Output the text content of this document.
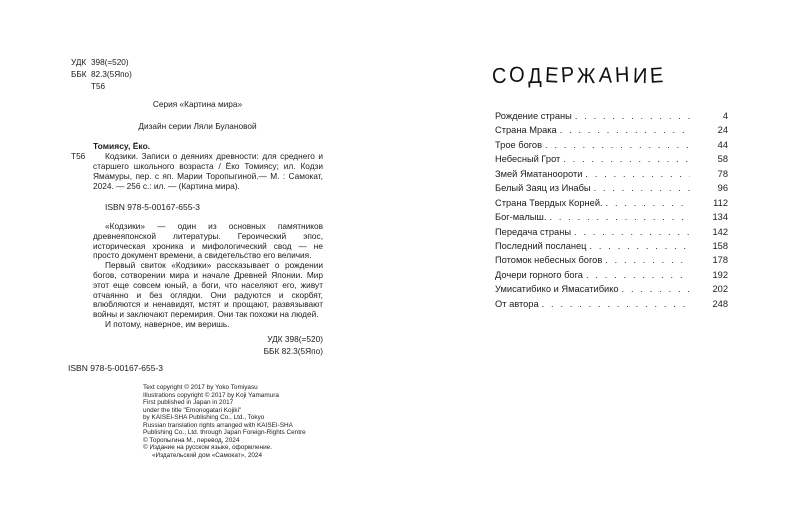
УДК 398(=520)
ББК 82.3(5Япо)
Т56
Серия «Картина мира»
Дизайн серии Ляли Булановой
Томиясу, Ёко.
Т56	Кодзики. Записи о деяниях древности: для среднего и старшего школьного возраста / Ёко Томиясу; ил. Кодзи Ямамуры, пер. с яп. Марии Торопыгиной.— М. : Самокат, 2024. — 256 с.: ил. — (Картина мира).
ISBN 978-5-00167-655-3

«Кодзики» — один из основных памятников древнеяпонской литературы. Героический эпос, историческая хроника и мифологический свод — не просто документ времени, а свидетельство его величия.

Первый свиток «Кодзики» рассказывает о рождении богов, сотворении мира и начале Древней Японии. Мир этот еще совсем юный, а боги, что населяют его, живут отчаянно и без оглядки. Они радуются и скорбят, влюбляются и ненавидят, мстят и прощают, развязывают войны и заключают перемирия. Они так похожи на людей.

И потому, наверное, им веришь.

УДК 398(=520)
ББК 82.3(5Япо)
ISBN 978-5-00167-655-3
Text copyright © 2017 by Yoko Tomiyasu
Illustrations copyright © 2017 by Koji Yamamura
First published in Japan in 2017
under the title "Emonogatari Kojiki"
by KAISEI-SHA Publishing Co., Ltd., Tokyo
Russian translation rights arranged with KAISEI-SHA
Publishing Co., Ltd. through Japan Foreign-Rights Centre
© Торопыгина М., перевод, 2024
© Издание на русском языке, оформление.
«Издательский дом «Самокат», 2024
СОДЕРЖАНИЕ
Рождение страны . . .	4
Страна Мрака . . .	24
Трое богов . . .	44
Небесный Грот . . .	58
Змей Яматаноороти . . .	78
Белый Заяц из Инабы . . .	96
Страна Твердых Корней. . . .	112
Бог-малыш. . . .	134
Передача страны . . .	142
Последний посланец . . .	158
Потомок небесных богов . . .	178
Дочери горного бога . . .	192
Умисатибико и Ямасатибико . . .	202
От автора . . .	248
